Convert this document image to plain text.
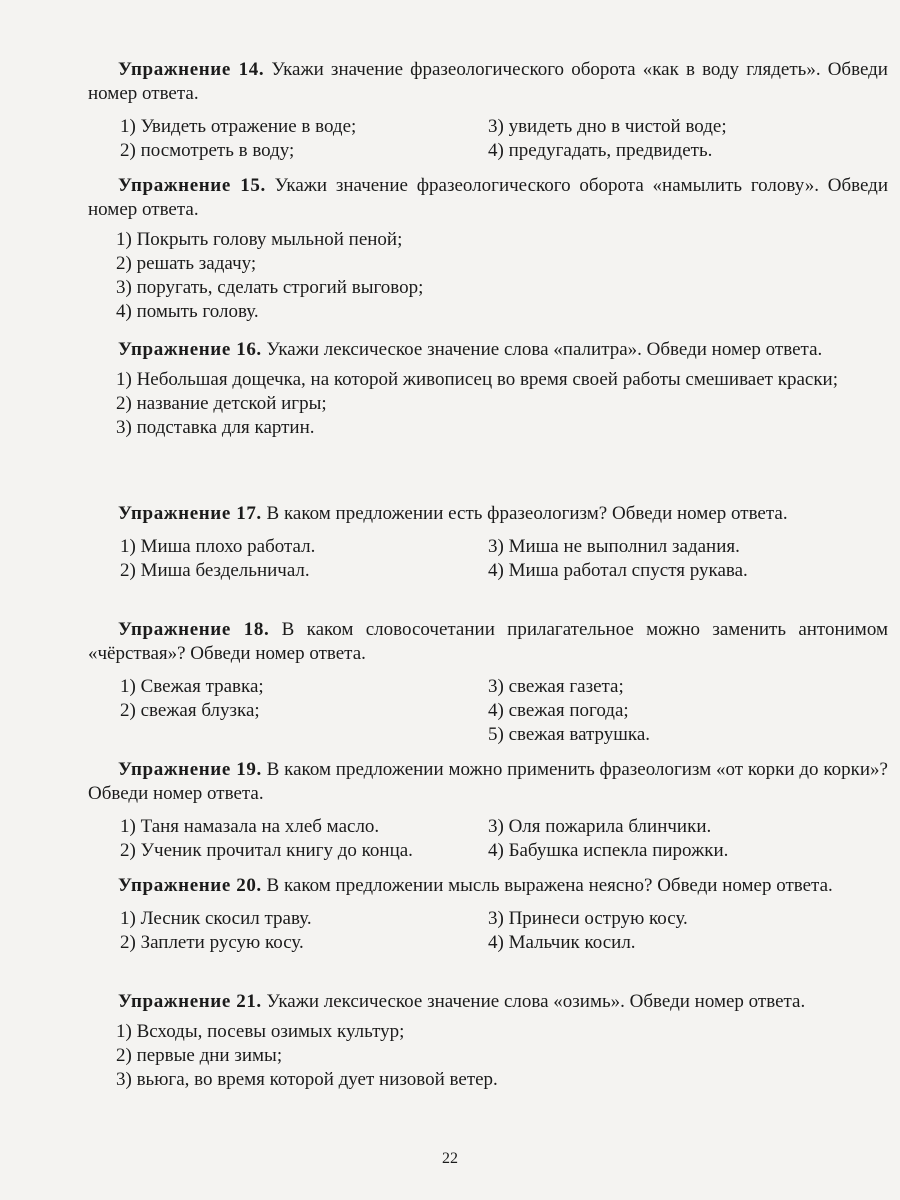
Упражнение 14. Укажи значение фразеологического оборота «как в воду глядеть». Обведи номер ответа.

1) Увидеть отражение в воде;	3) увидеть дно в чистой воде;
2) посмотреть в воду;	4) предугадать, предвидеть.

Упражнение 15. Укажи значение фразеологического оборота «намылить голову». Обведи номер ответа.

1) Покрыть голову мыльной пеной;
2) решать задачу;
3) поругать, сделать строгий выговор;
4) помыть голову.

Упражнение 16. Укажи лексическое значение слова «палитра». Обведи номер ответа.

1) Небольшая дощечка, на которой живописец во время своей работы смешивает краски;
2) название детской игры;
3) подставка для картин.

Упражнение 17. В каком предложении есть фразеологизм? Обведи номер ответа.

1) Миша плохо работал.	3) Миша не выполнил задания.
2) Миша бездельничал.	4) Миша работал спустя рукава.

Упражнение 18. В каком словосочетании прилагательное можно заменить антонимом «чёрствая»? Обведи номер ответа.

1) Свежая травка;	3) свежая газета;
2) свежая блузка;	4) свежая погода;
5) свежая ватрушка.

Упражнение 19. В каком предложении можно применить фразеологизм «от корки до корки»? Обведи номер ответа.

1) Таня намазала на хлеб масло.	3) Оля пожарила блинчики.
2) Ученик прочитал книгу до конца.	4) Бабушка испекла пирожки.

Упражнение 20. В каком предложении мысль выражена неясно? Обведи номер ответа.

1) Лесник скосил траву.	3) Принеси острую косу.
2) Заплети русую косу.	4) Мальчик косил.

Упражнение 21. Укажи лексическое значение слова «озимь». Обведи номер ответа.

1) Всходы, посевы озимых культур;
2) первые дни зимы;
3) вьюга, во время которой дует низовой ветер.
22
